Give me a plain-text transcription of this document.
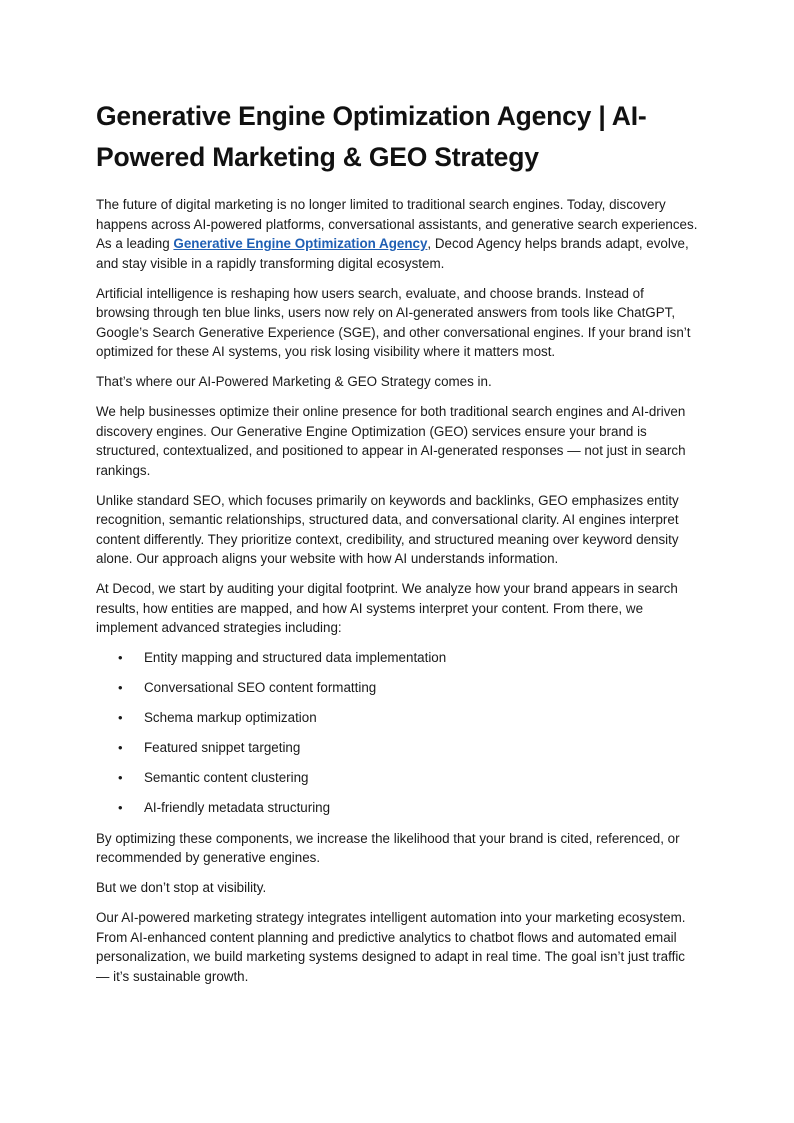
Generative Engine Optimization Agency | AI-Powered Marketing & GEO Strategy

The future of digital marketing is no longer limited to traditional search engines. Today, discovery happens across AI-powered platforms, conversational assistants, and generative search experiences. As a leading Generative Engine Optimization Agency, Decod Agency helps brands adapt, evolve, and stay visible in a rapidly transforming digital ecosystem.

Artificial intelligence is reshaping how users search, evaluate, and choose brands. Instead of browsing through ten blue links, users now rely on AI-generated answers from tools like ChatGPT, Google’s Search Generative Experience (SGE), and other conversational engines. If your brand isn’t optimized for these AI systems, you risk losing visibility where it matters most.

That’s where our AI-Powered Marketing & GEO Strategy comes in.

We help businesses optimize their online presence for both traditional search engines and AI-driven discovery engines. Our Generative Engine Optimization (GEO) services ensure your brand is structured, contextualized, and positioned to appear in AI-generated responses — not just in search rankings.

Unlike standard SEO, which focuses primarily on keywords and backlinks, GEO emphasizes entity recognition, semantic relationships, structured data, and conversational clarity. AI engines interpret content differently. They prioritize context, credibility, and structured meaning over keyword density alone. Our approach aligns your website with how AI understands information.

At Decod, we start by auditing your digital footprint. We analyze how your brand appears in search results, how entities are mapped, and how AI systems interpret your content. From there, we implement advanced strategies including:

• Entity mapping and structured data implementation
• Conversational SEO content formatting
• Schema markup optimization
• Featured snippet targeting
• Semantic content clustering
• AI-friendly metadata structuring

By optimizing these components, we increase the likelihood that your brand is cited, referenced, or recommended by generative engines.

But we don’t stop at visibility.

Our AI-powered marketing strategy integrates intelligent automation into your marketing ecosystem. From AI-enhanced content planning and predictive analytics to chatbot flows and automated email personalization, we build marketing systems designed to adapt in real time. The goal isn’t just traffic — it’s sustainable growth.
